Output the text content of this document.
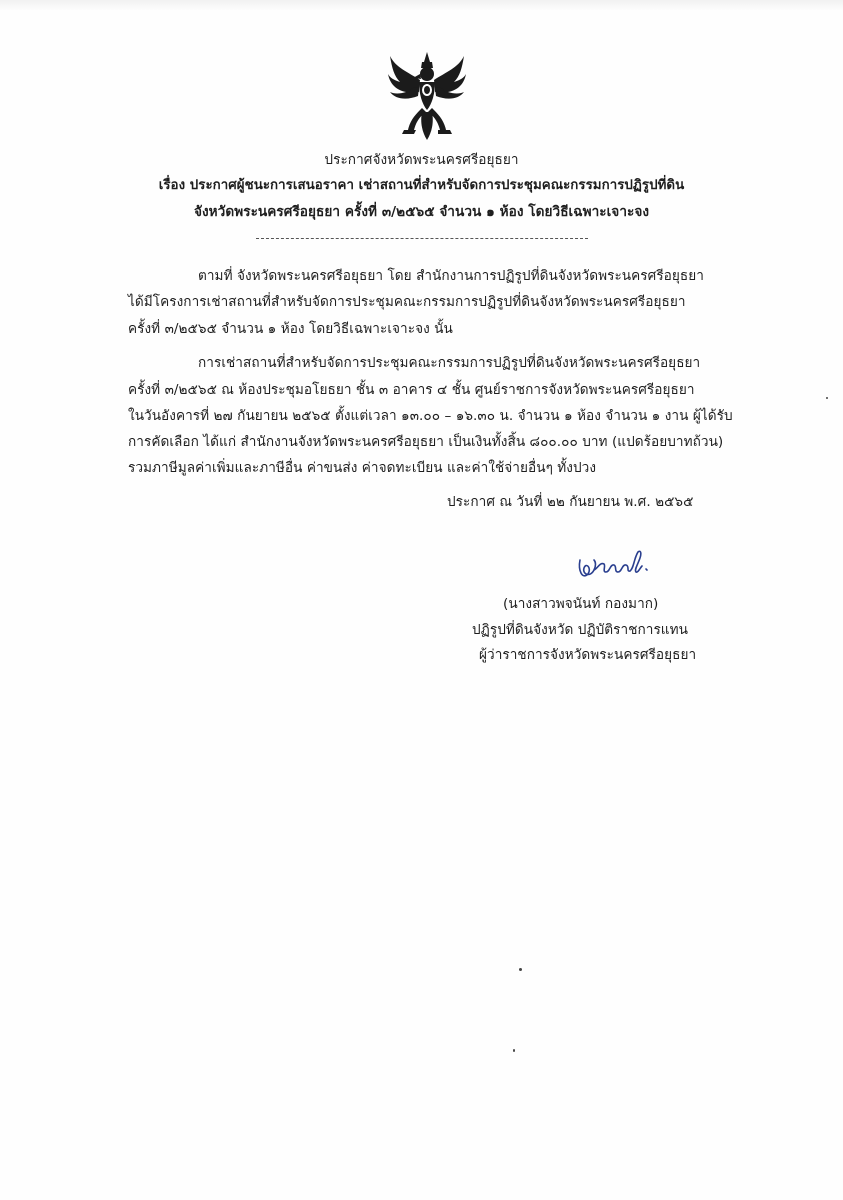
ประกาศจังหวัดพระนครศรีอยุธยา
เรื่อง ประกาศผู้ชนะการเสนอราคา เช่าสถานที่สำหรับจัดการประชุมคณะกรรมการปฏิรูปที่ดิน
จังหวัดพระนครศรีอยุธยา ครั้งที่ ๓/๒๕๖๕ จำนวน ๑ ห้อง โดยวิธีเฉพาะเจาะจง
ตามที่ จังหวัดพระนครศรีอยุธยา โดย สำนักงานการปฏิรูปที่ดินจังหวัดพระนครศรีอยุธยา
ได้มีโครงการเช่าสถานที่สำหรับจัดการประชุมคณะกรรมการปฏิรูปที่ดินจังหวัดพระนครศรีอยุธยา
ครั้งที่ ๓/๒๕๖๕ จำนวน ๑ ห้อง โดยวิธีเฉพาะเจาะจง นั้น
การเช่าสถานที่สำหรับจัดการประชุมคณะกรรมการปฏิรูปที่ดินจังหวัดพระนครศรีอยุธยา
ครั้งที่ ๓/๒๕๖๕ ณ ห้องประชุมอโยธยา ชั้น ๓ อาคาร ๔ ชั้น ศูนย์ราชการจังหวัดพระนครศรีอยุธยา
ในวันอังคารที่ ๒๗ กันยายน ๒๕๖๕ ตั้งแต่เวลา ๑๓.๐๐ – ๑๖.๓๐ น. จำนวน ๑ ห้อง จำนวน ๑ งาน ผู้ได้รับ
การคัดเลือก ได้แก่ สำนักงานจังหวัดพระนครศรีอยุธยา เป็นเงินทั้งสิ้น ๘๐๐.๐๐ บาท (แปดร้อยบาทถ้วน)
รวมภาษีมูลค่าเพิ่มและภาษีอื่น ค่าขนส่ง ค่าจดทะเบียน และค่าใช้จ่ายอื่นๆ ทั้งปวง
ประกาศ ณ วันที่ ๒๒ กันยายน พ.ศ. ๒๕๖๕
(นางสาวพจนันท์ กองมาก)
ปฏิรูปที่ดินจังหวัด ปฏิบัติราชการแทน
ผู้ว่าราชการจังหวัดพระนครศรีอยุธยา
